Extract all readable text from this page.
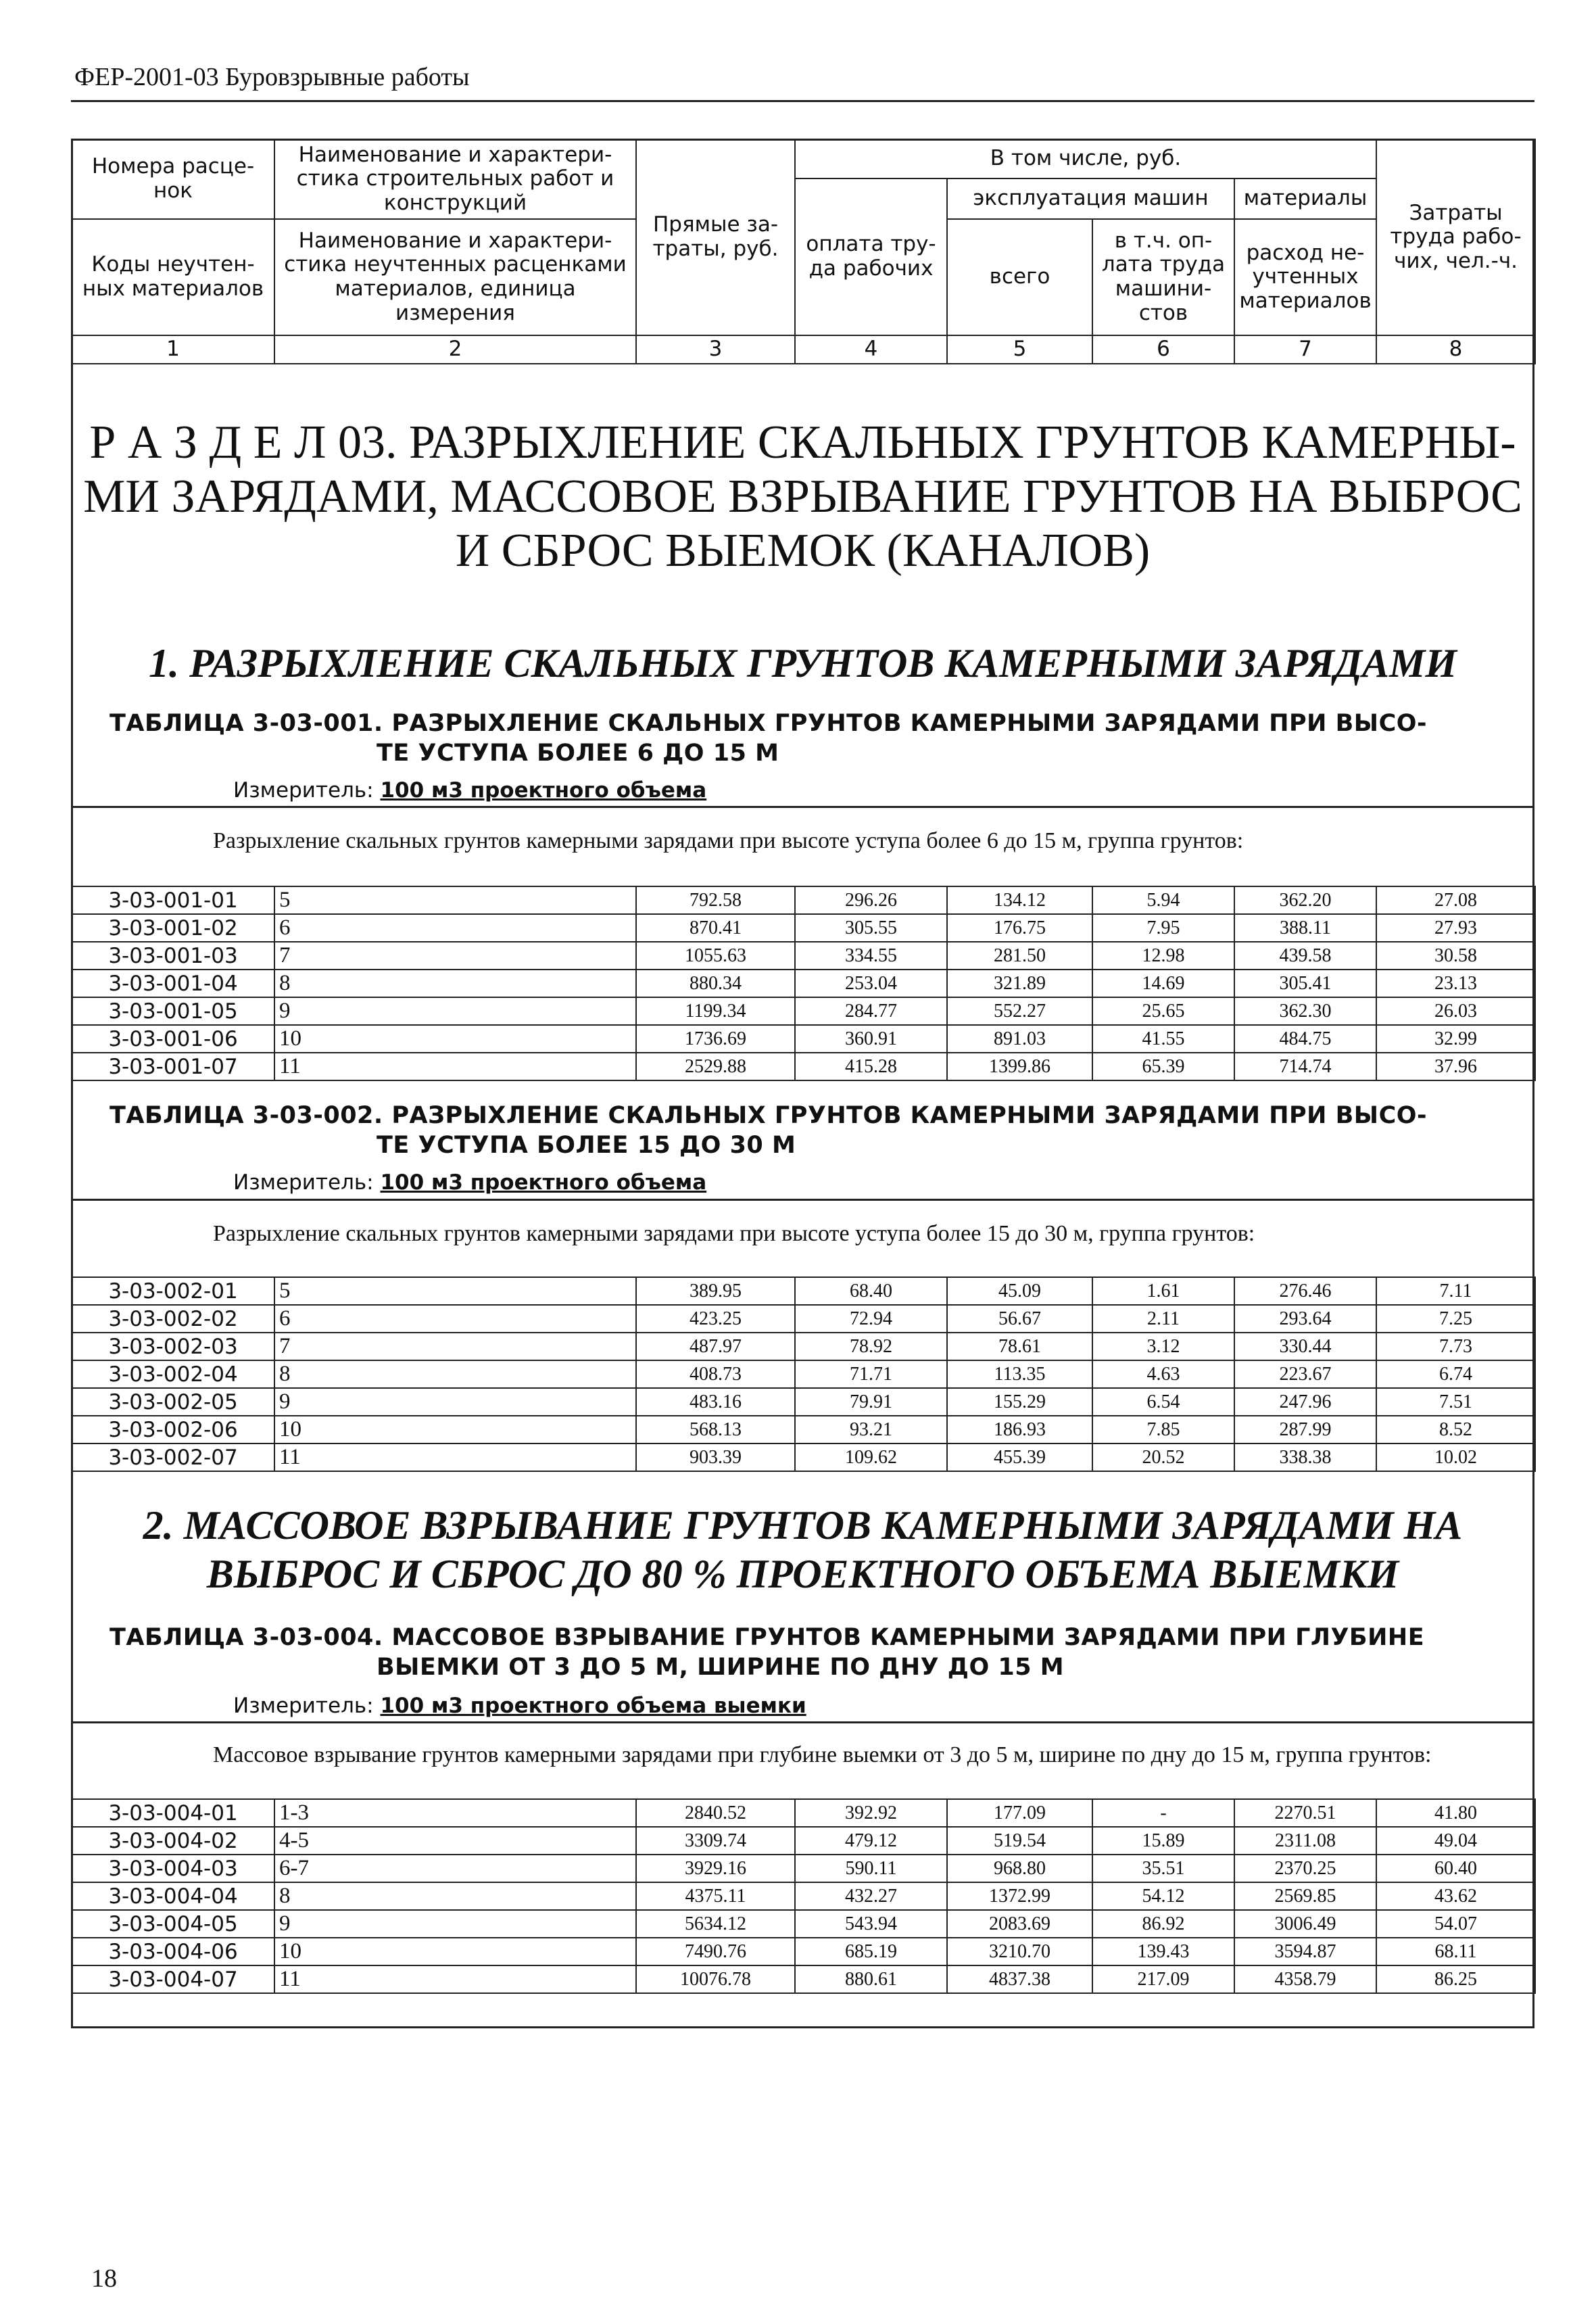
ФЕР-2001-03 Буровзрывные работы
Номера расце-нок	Наименование и характери-стика строительных работ и конструкций	Прямые за-траты, руб.	В том числе, руб.				Затраты труда рабо-чих, чел.-ч.
			оплата тру-да рабочих	эксплуатация машин		материалы	
Коды неучтен-ных материалов	Наименование и характери-стика неучтенных расценками материалов, единица измерения			всего	в т.ч. оп-лата труда машини-стов	расход не-учтенных материалов	

1	2	3	4	5	6	7	8
Р А З Д Е Л 03. РАЗРЫХЛЕНИЕ СКАЛЬНЫХ ГРУНТОВ КАМЕРНЫ-
МИ ЗАРЯДАМИ, МАССОВОЕ ВЗРЫВАНИЕ ГРУНТОВ НА ВЫБРОС
И СБРОС ВЫЕМОК (КАНАЛОВ)
1. РАЗРЫХЛЕНИЕ СКАЛЬНЫХ ГРУНТОВ КАМЕРНЫМИ ЗАРЯДАМИ
ТАБЛИЦА 3-03-001. РАЗРЫХЛЕНИЕ СКАЛЬНЫХ ГРУНТОВ КАМЕРНЫМИ ЗАРЯДАМИ ПРИ ВЫСО-
ТЕ УСТУПА БОЛЕЕ 6 ДО 15 М
Измеритель: 100 м3 проектного объема
Разрыхление скальных грунтов камерными зарядами при высоте уступа более 6 до 15 м, группа грунтов:
3-03-001-01	5	792.58	296.26	134.12	5.94	362.20	27.08
3-03-001-02	6	870.41	305.55	176.75	7.95	388.11	27.93
3-03-001-03	7	1055.63	334.55	281.50	12.98	439.58	30.58
3-03-001-04	8	880.34	253.04	321.89	14.69	305.41	23.13
3-03-001-05	9	1199.34	284.77	552.27	25.65	362.30	26.03
3-03-001-06	10	1736.69	360.91	891.03	41.55	484.75	32.99
3-03-001-07	11	2529.88	415.28	1399.86	65.39	714.74	37.96
ТАБЛИЦА 3-03-002. РАЗРЫХЛЕНИЕ СКАЛЬНЫХ ГРУНТОВ КАМЕРНЫМИ ЗАРЯДАМИ ПРИ ВЫСО-
ТЕ УСТУПА БОЛЕЕ 15 ДО 30 М
Измеритель: 100 м3 проектного объема
Разрыхление скальных грунтов камерными зарядами при высоте уступа более 15 до 30 м, группа грунтов:
3-03-002-01	5	389.95	68.40	45.09	1.61	276.46	7.11
3-03-002-02	6	423.25	72.94	56.67	2.11	293.64	7.25
3-03-002-03	7	487.97	78.92	78.61	3.12	330.44	7.73
3-03-002-04	8	408.73	71.71	113.35	4.63	223.67	6.74
3-03-002-05	9	483.16	79.91	155.29	6.54	247.96	7.51
3-03-002-06	10	568.13	93.21	186.93	7.85	287.99	8.52
3-03-002-07	11	903.39	109.62	455.39	20.52	338.38	10.02
2. МАССОВОЕ ВЗРЫВАНИЕ ГРУНТОВ КАМЕРНЫМИ ЗАРЯДАМИ НА
ВЫБРОС И СБРОС ДО 80 % ПРОЕКТНОГО ОБЪЕМА ВЫЕМКИ
ТАБЛИЦА 3-03-004. МАССОВОЕ ВЗРЫВАНИЕ ГРУНТОВ КАМЕРНЫМИ ЗАРЯДАМИ ПРИ ГЛУБИНЕ
ВЫЕМКИ ОТ 3 ДО 5 М, ШИРИНЕ ПО ДНУ ДО 15 М
Измеритель: 100 м3 проектного объема выемки
Массовое взрывание грунтов камерными зарядами при глубине выемки от 3 до 5 м, ширине по дну до 15 м, группа грунтов:
3-03-004-01	1-3	2840.52	392.92	177.09	-	2270.51	41.80
3-03-004-02	4-5	3309.74	479.12	519.54	15.89	2311.08	49.04
3-03-004-03	6-7	3929.16	590.11	968.80	35.51	2370.25	60.40
3-03-004-04	8	4375.11	432.27	1372.99	54.12	2569.85	43.62
3-03-004-05	9	5634.12	543.94	2083.69	86.92	3006.49	54.07
3-03-004-06	10	7490.76	685.19	3210.70	139.43	3594.87	68.11
3-03-004-07	11	10076.78	880.61	4837.38	217.09	4358.79	86.25
18
